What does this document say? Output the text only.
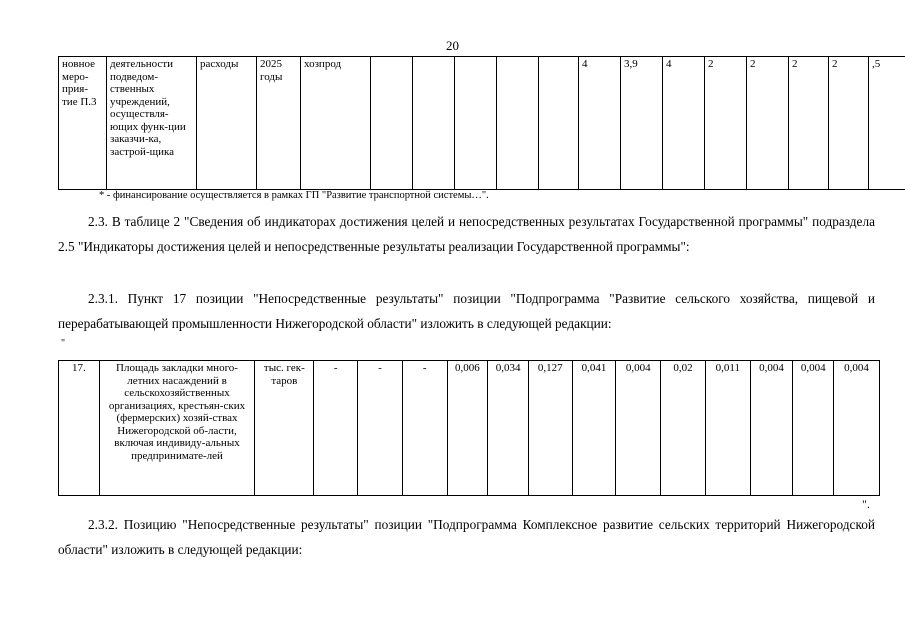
20
новное меро-прия-тие П.3	деятельности подведом-ственных учреждений, осуществля-ющих функ-ции заказчи-ка, застрой-щика	расходы	2025 годы	хозпрод						4	3,9	4	2	2	2	2	,5
* - финансирование осуществляется в рамках ГП "Развитие транспортной системы…".
2.3. В таблице 2 "Сведения об индикаторах достижения целей и непосредственных результатах Государственной программы" подраздела 2.5 "Индикаторы достижения целей и непосредственные результаты реализации Государственной программы":
2.3.1. Пункт 17 позиции "Непосредственные результаты" позиции "Подпрограмма "Развитие сельского хозяйства, пищевой и перерабатывающей промышленности Нижегородской области" изложить в следующей редакции:
"
17.	Площадь закладки много-летних насаждений в сельскохозяйственных организациях, крестьян-ских (фермерских) хозяй-ствах Нижегородской об-ласти, включая индивиду-альных предпринимате-лей	тыс. гек-таров	-	-	-	0,006	0,034	0,127	0,041	0,004	0,02	0,011	0,004	0,004	0,004
".
2.3.2. Позицию "Непосредственные результаты" позиции "Подпрограмма Комплексное развитие сельских территорий Нижегородской области" изложить в следующей редакции:
